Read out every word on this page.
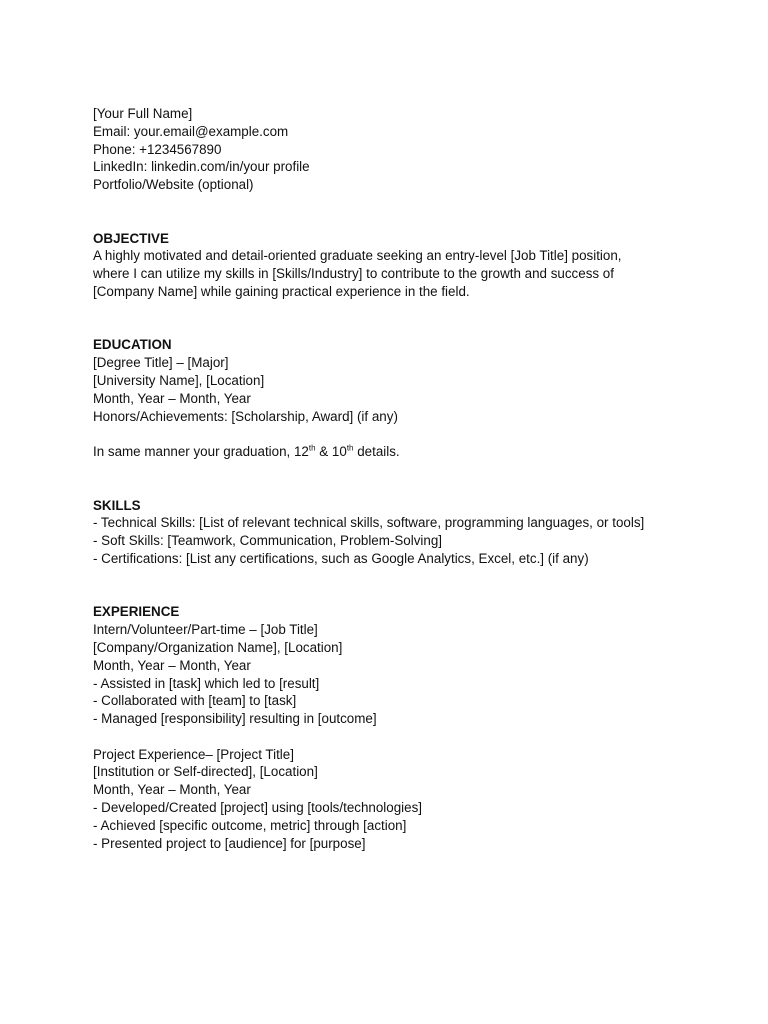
[Your Full Name]

Email: your.email@example.com

Phone: +1234567890

LinkedIn: linkedin.com/in/your profile

Portfolio/Website (optional)

OBJECTIVE

A highly motivated and detail-oriented graduate seeking an entry-level [Job Title] position,

where I can utilize my skills in [Skills/Industry] to contribute to the growth and success of

[Company Name] while gaining practical experience in the field.

EDUCATION

[Degree Title] – [Major]

[University Name], [Location]

Month, Year – Month, Year

Honors/Achievements: [Scholarship, Award] (if any)

In same manner your graduation, 12th & 10th details.

SKILLS

- Technical Skills: [List of relevant technical skills, software, programming languages, or tools]

- Soft Skills: [Teamwork, Communication, Problem-Solving]

- Certifications: [List any certifications, such as Google Analytics, Excel, etc.] (if any)

EXPERIENCE

Intern/Volunteer/Part-time – [Job Title]

[Company/Organization Name], [Location]

Month, Year – Month, Year

- Assisted in [task] which led to [result]

- Collaborated with [team] to [task]

- Managed [responsibility] resulting in [outcome]

Project Experience– [Project Title]

[Institution or Self-directed], [Location]

Month, Year – Month, Year

- Developed/Created [project] using [tools/technologies]

- Achieved [specific outcome, metric] through [action]

- Presented project to [audience] for [purpose]
